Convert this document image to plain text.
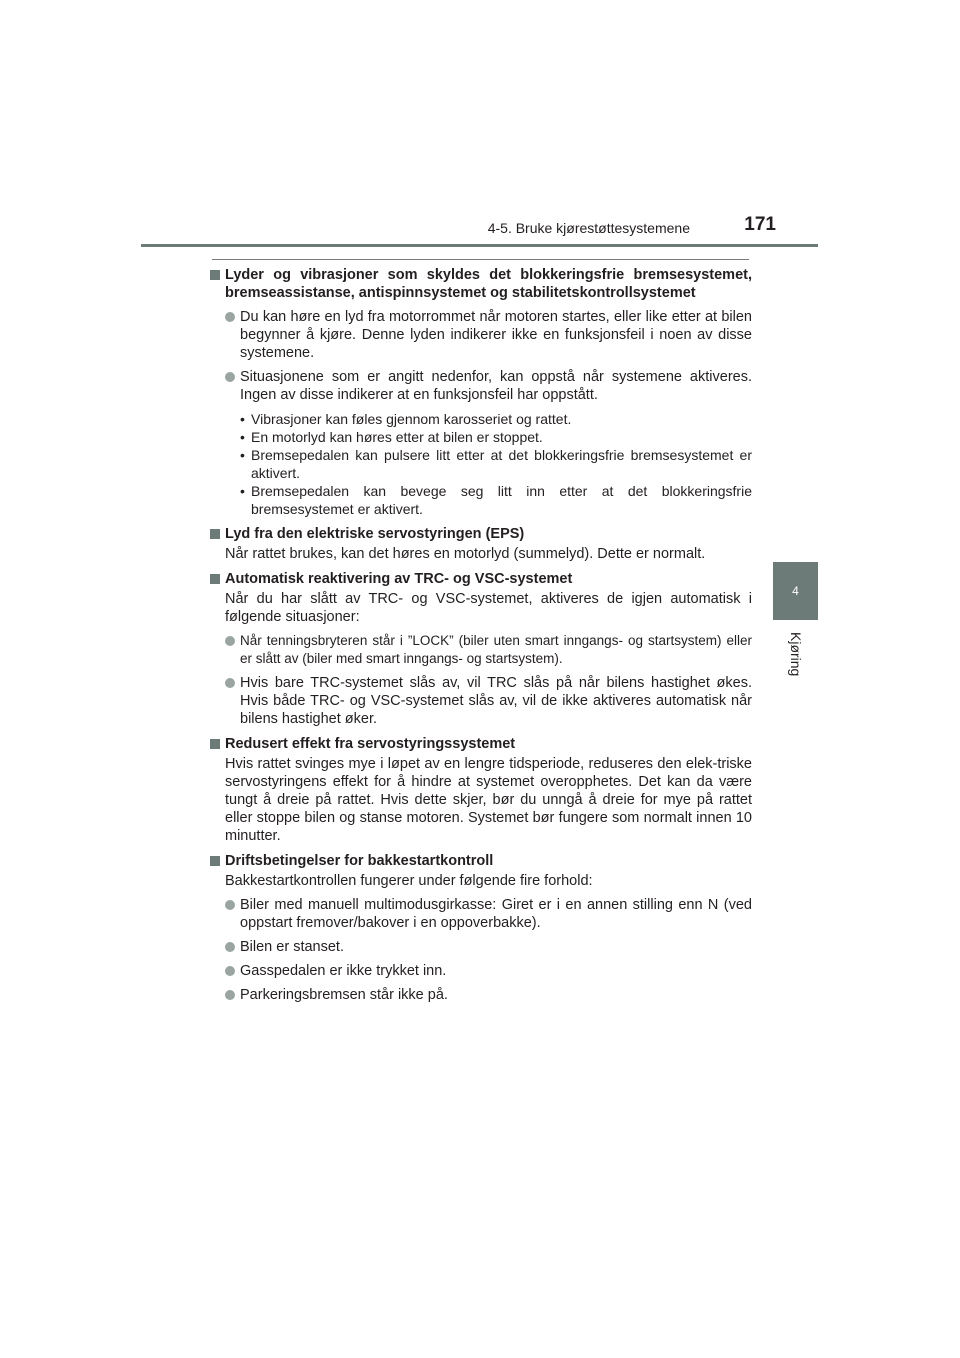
4-5. Bruke kjørestøttesystemene	171
4
Kjøring
Lyder og vibrasjoner som skyldes det blokkeringsfrie bremsesystemet, bremseassistanse, antispinnsystemet og stabilitetskontrollsystemet
Du kan høre en lyd fra motorrommet når motoren startes, eller like etter at bilen begynner å kjøre. Denne lyden indikerer ikke en funksjonsfeil i noen av disse systemene.
Situasjonene som er angitt nedenfor, kan oppstå når systemene aktiveres. Ingen av disse indikerer at en funksjonsfeil har oppstått.
• Vibrasjoner kan føles gjennom karosseriet og rattet.
• En motorlyd kan høres etter at bilen er stoppet.
• Bremsepedalen kan pulsere litt etter at det blokkeringsfrie bremsesystemet er aktivert.
• Bremsepedalen kan bevege seg litt inn etter at det blokkeringsfrie bremsesystemet er aktivert.
Lyd fra den elektriske servostyringen (EPS)
Når rattet brukes, kan det høres en motorlyd (summelyd). Dette er normalt.
Automatisk reaktivering av TRC- og VSC-systemet
Når du har slått av TRC- og VSC-systemet, aktiveres de igjen automatisk i følgende situasjoner:
Når tenningsbryteren står i ”LOCK” (biler uten smart inngangs- og startsystem) eller er slått av (biler med smart inngangs- og startsystem).
Hvis bare TRC-systemet slås av, vil TRC slås på når bilens hastighet økes. Hvis både TRC- og VSC-systemet slås av, vil de ikke aktiveres automatisk når bilens hastighet øker.
Redusert effekt fra servostyringssystemet
Hvis rattet svinges mye i løpet av en lengre tidsperiode, reduseres den elek-triske servostyringens effekt for å hindre at systemet overopphetes. Det kan da være tungt å dreie på rattet. Hvis dette skjer, bør du unngå å dreie for mye på rattet eller stoppe bilen og stanse motoren. Systemet bør fungere som normalt innen 10 minutter.
Driftsbetingelser for bakkestartkontroll
Bakkestartkontrollen fungerer under følgende fire forhold:
Biler med manuell multimodusgirkasse: Giret er i en annen stilling enn N (ved oppstart fremover/bakover i en oppoverbakke).
Bilen er stanset.
Gasspedalen er ikke trykket inn.
Parkeringsbremsen står ikke på.
